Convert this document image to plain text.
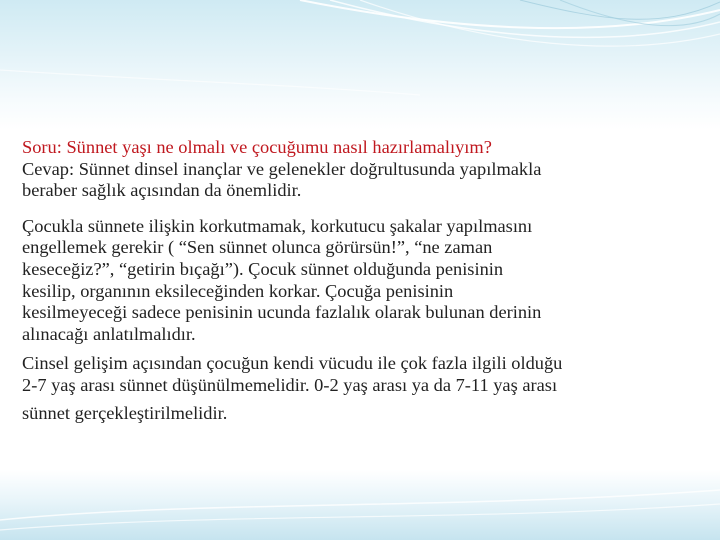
Soru: Sünnet yaşı ne olmalı ve çocuğumu nasıl hazırlamalıyım?

Cevap: Sünnet dinsel inançlar ve gelenekler doğrultusunda yapılmakla
beraber sağlık açısından da önemlidir.

Çocukla sünnete ilişkin korkutmamak, korkutucu şakalar yapılmasını
engellemek gerekir ( “Sen sünnet olunca görürsün!”, “ne zaman
keseceğiz?”, “getirin bıçağı”). Çocuk sünnet olduğunda penisinin
kesilip, organının eksileceğinden korkar. Çocuğa penisinin
kesilmeyeceği sadece penisinin ucunda fazlalık olarak bulunan derinin
alınacağı anlatılmalıdır.

Cinsel gelişim açısından çocuğun kendi vücudu ile çok fazla ilgili olduğu
2-7 yaş arası sünnet düşünülmemelidir. 0-2 yaş arası ya da 7-11 yaş arası
sünnet gerçekleştirilmelidir.
